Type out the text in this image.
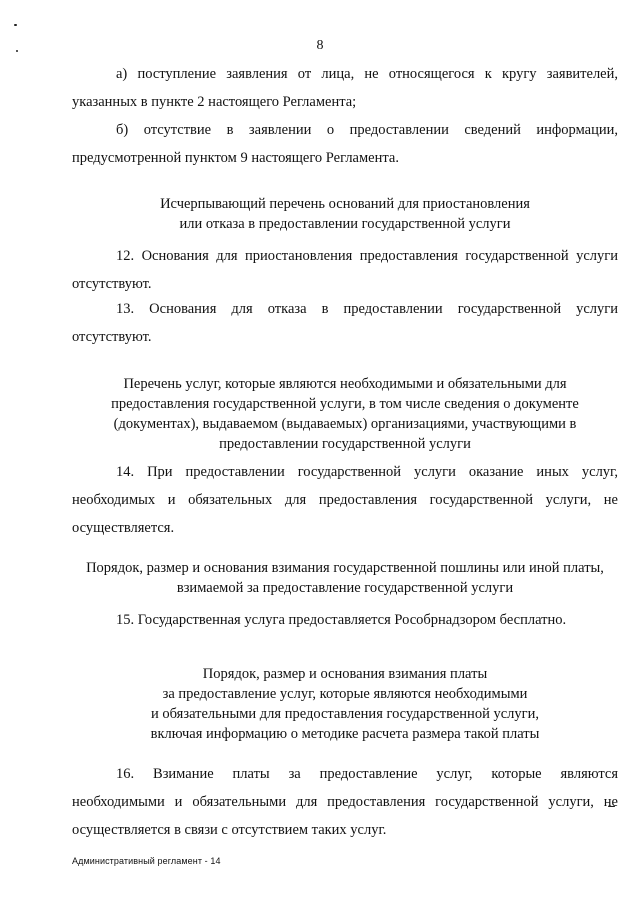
8
а) поступление заявления от лица, не относящегося к кругу заявителей,
указанных в пункте 2 настоящего Регламента;
б) отсутствие в заявлении о предоставлении сведений информации,
предусмотренной пунктом 9 настоящего Регламента.
Исчерпывающий перечень оснований для приостановления
или отказа в предоставлении государственной услуги
12. Основания для приостановления предоставления государственной услуги
отсутствуют.
13. Основания для отказа в предоставлении государственной услуги
отсутствуют.
Перечень услуг, которые являются необходимыми и обязательными для
предоставления государственной услуги, в том числе сведения о документе
(документах), выдаваемом (выдаваемых) организациями, участвующими в
предоставлении государственной услуги
14. При предоставлении государственной услуги оказание иных услуг,
необходимых и обязательных для предоставления государственной услуги, не
осуществляется.
Порядок, размер и основания взимания государственной пошлины или иной платы,
взимаемой за предоставление государственной услуги
15. Государственная услуга предоставляется Рособрнадзором бесплатно.
Порядок, размер и основания взимания платы
за предоставление услуг, которые являются необходимыми
и обязательными для предоставления государственной услуги,
включая информацию о методике расчета размера такой платы
16. Взимание платы за предоставление услуг, которые являются
необходимыми и обязательными для предоставления государственной услуги, не
осуществляется в связи с отсутствием таких услуг.
Административный регламент - 14
